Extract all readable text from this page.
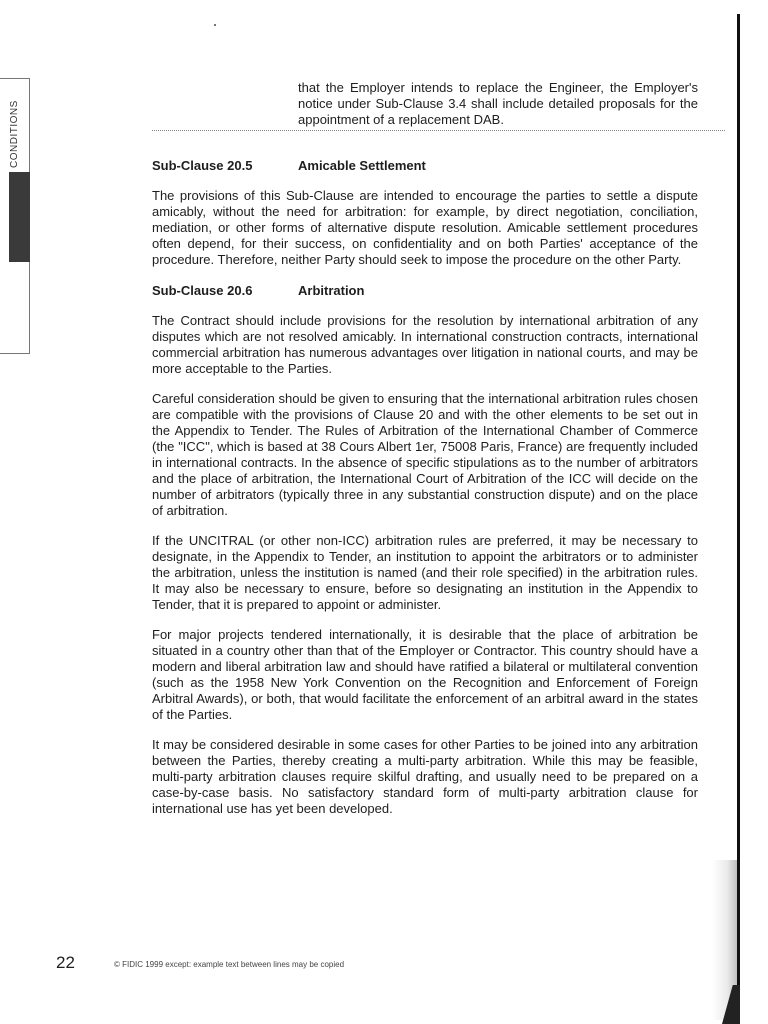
CONDITIONS
that the Employer intends to replace the Engineer, the Employer's notice under Sub-Clause 3.4 shall include detailed proposals for the appointment of a replacement DAB.
Sub-Clause 20.5	Amicable Settlement

The provisions of this Sub-Clause are intended to encourage the parties to settle a dispute amicably, without the need for arbitration: for example, by direct negotiation, conciliation, mediation, or other forms of alternative dispute resolution. Amicable settlement procedures often depend, for their success, on confidentiality and on both Parties' acceptance of the procedure. Therefore, neither Party should seek to impose the procedure on the other Party.

Sub-Clause 20.6	Arbitration

The Contract should include provisions for the resolution by international arbitration of any disputes which are not resolved amicably. In international construction contracts, international commercial arbitration has numerous advantages over litigation in national courts, and may be more acceptable to the Parties.

Careful consideration should be given to ensuring that the international arbitration rules chosen are compatible with the provisions of Clause 20 and with the other elements to be set out in the Appendix to Tender. The Rules of Arbitration of the International Chamber of Commerce (the "ICC", which is based at 38 Cours Albert 1er, 75008 Paris, France) are frequently included in international contracts. In the absence of specific stipulations as to the number of arbitrators and the place of arbitration, the International Court of Arbitration of the ICC will decide on the number of arbitrators (typically three in any substantial construction dispute) and on the place of arbitration.

If the UNCITRAL (or other non-ICC) arbitration rules are preferred, it may be necessary to designate, in the Appendix to Tender, an institution to appoint the arbitrators or to administer the arbitration, unless the institution is named (and their role specified) in the arbitration rules. It may also be necessary to ensure, before so designating an institution in the Appendix to Tender, that it is prepared to appoint or administer.

For major projects tendered internationally, it is desirable that the place of arbitration be situated in a country other than that of the Employer or Contractor. This country should have a modern and liberal arbitration law and should have ratified a bilateral or multilateral convention (such as the 1958 New York Convention on the Recognition and Enforcement of Foreign Arbitral Awards), or both, that would facilitate the enforcement of an arbitral award in the states of the Parties.

It may be considered desirable in some cases for other Parties to be joined into any arbitration between the Parties, thereby creating a multi-party arbitration. While this may be feasible, multi-party arbitration clauses require skilful drafting, and usually need to be prepared on a case-by-case basis. No satisfactory standard form of multi-party arbitration clause for international use has yet been developed.

22	© FIDIC 1999 except: example text between lines may be copied
